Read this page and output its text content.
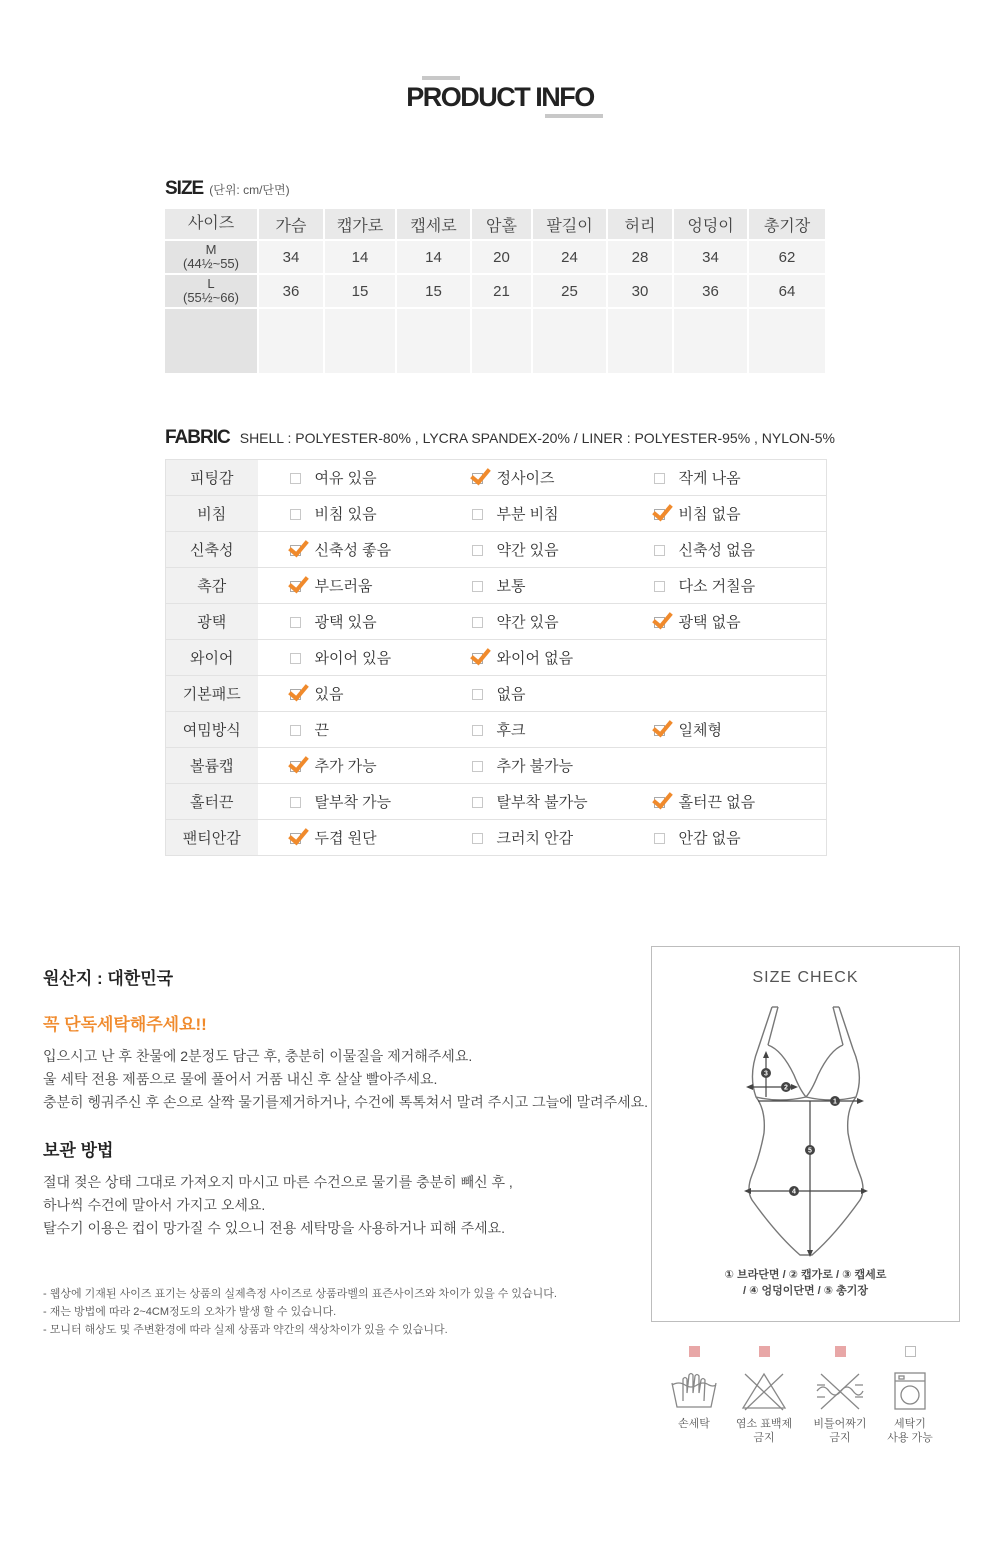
PRODUCT INFO
SIZE (단위: cm/단면)
사이즈	가슴	캡가로	캡세로	암홀	팔길이	허리	엉덩이	총기장
M
(44½~55)	34	14	14	20	24	28	34	62
L
(55½~66)	36	15	15	21	25	30	36	64

FABRIC SHELL : POLYESTER-80% , LYCRA SPANDEX-20% / LINER : POLYESTER-95% , NYLON-5%
피팅감	여유 있음	정사이즈	작게 나옴
비침	비침 있음	부분 비침	비침 없음
신축성	신축성 좋음	약간 있음	신축성 없음
촉감	부드러움	보통	다소 거칠음
광택	광택 있음	약간 있음	광택 없음
와이어	와이어 있음	와이어 없음	
기본패드	있음	없음	
여밈방식	끈	후크	일체형
볼륨캡	추가 가능	추가 불가능	
홀터끈	탈부착 가능	탈부착 불가능	홀터끈 없음
팬티안감	두겹 원단	크러치 안감	안감 없음
원산지 : 대한민국
꼭 단독세탁해주세요!!
입으시고 난 후 찬물에 2분정도 담근 후, 충분히 이물질을 제거해주세요.
울 세탁 전용 제품으로 물에 풀어서 거품 내신 후 살살 빨아주세요.
충분히 헹궈주신 후 손으로 살짝 물기를제거하거나, 수건에 톡톡쳐서 말려 주시고 그늘에 말려주세요.
보관 방법
절대 젖은 상태 그대로 가져오지 마시고 마른 수건으로 물기를 충분히 빼신 후 ,
하나씩 수건에 말아서 가지고 오세요.
탈수기 이용은 컵이 망가질 수 있으니 전용 세탁망을 사용하거나 피해 주세요.
- 웹상에 기재된 사이즈 표기는 상품의 실제측정 사이즈로 상품라벨의 표즌사이즈와 차이가 있을 수 있습니다.
- 재는 방법에 따라 2~4CM정도의 오차가 발생 할 수 있습니다.
- 모니터 해상도 및 주변환경에 따라 실제 상품과 약간의 색상차이가 있을 수 있습니다.
SIZE CHECK
3
2
1
5
4
① 브라단면 / ② 캡가로 / ③ 캡세로
/ ④ 엉덩이단면 / ⑤ 총기장
손세탁	염소 표백제
금지
비틀어짜기
금지
세탁기
사용 가능
